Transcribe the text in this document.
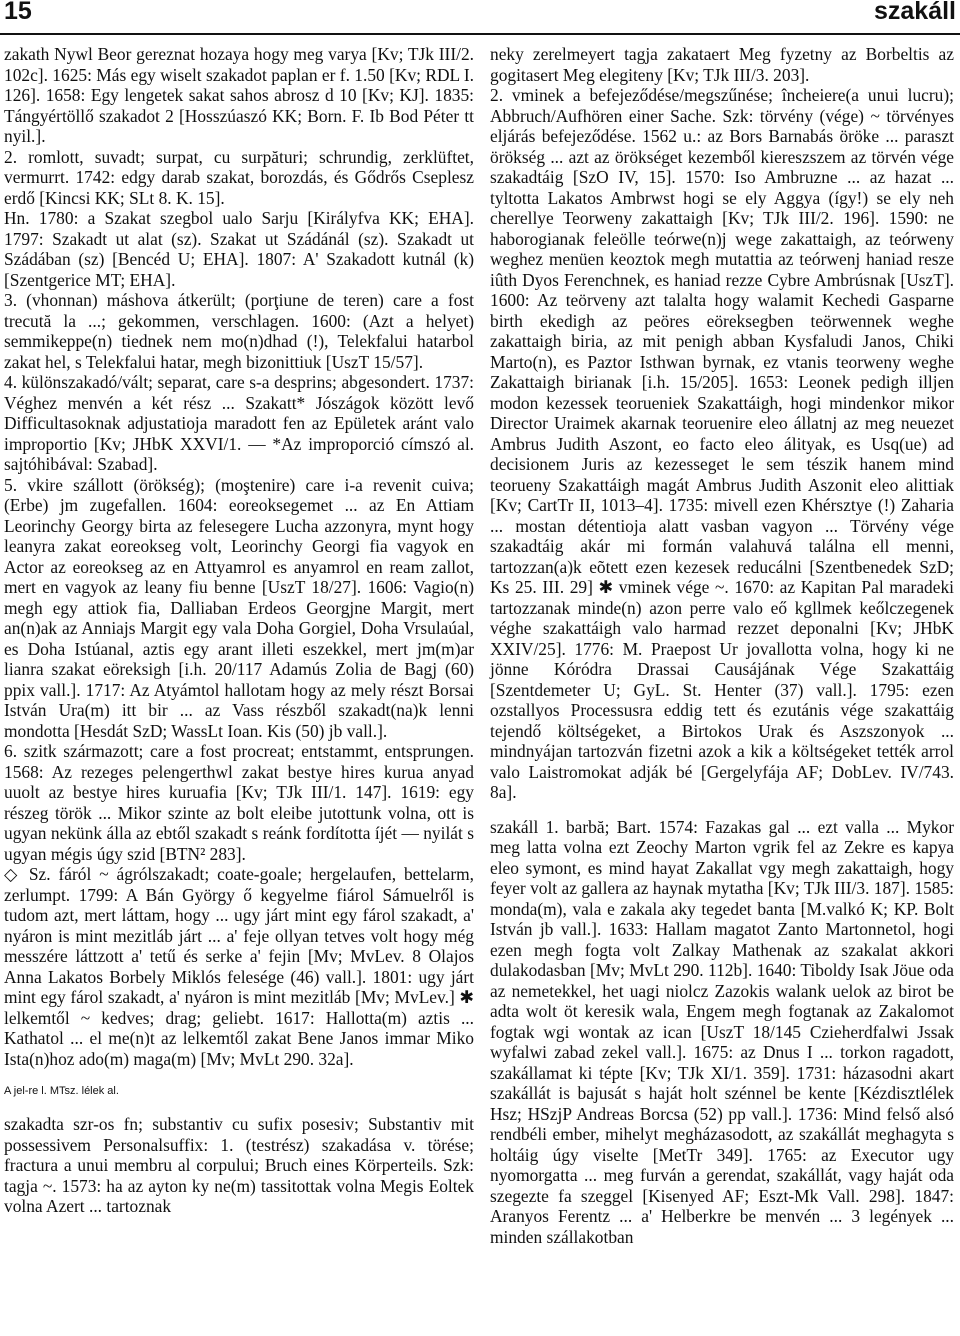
15	szakáll

zakath Nywl Beor gereznat hozaya hogy meg varya [Kv; TJk III/2. 102c]. 1625: Más egy wiselt szakadot paplan er f. 1.50 [Kv; RDL I. 126]. 1658: Egy lengetek sakat sahos abrosz d 10 [Kv; KJ]. 1835: Tángyértöllő szakadot 2 [Hosszúaszó KK; Born. F. Ib Bod Péter tt nyil.].

2. romlott, suvadt; surpat, cu surpături; schrundig, zerklüftet, vermurrt. 1742: edgy darab szakat, borozdás, és Gődrős Cseplesz erdő [Kincsi KK; SLt 8. K. 15].

Hn. 1780: a Szakat szegbol ualo Sarju [Királyfva KK; EHA]. 1797: Szakadt ut alat (sz). Szakat ut Szádánál (sz). Szakadt ut Szádában (sz) [Bencéd U; EHA]. 1807: A' Szakadott kutnál (k) [Szentgerice MT; EHA].

3. (vhonnan) máshova átkerült; (porţiune de teren) care a fost trecută la ...; gekommen, verschlagen. 1600: (Azt a helyet) semmikeppe(n) tiednek nem mo(n)dhad (!), Telekfalui hatarbol zakat hel, s Telekfalui hatar, megh bizonittiuk [UszT 15/57].

4. különszakadó/vált; separat, care s-a desprins; abgesondert. 1737: Véghez menvén a két rész ... Szakatt* Jószágok között levő Difficultasoknak adjustatioja maradott fen az Epületek aránt valo improportio [Kv; JHbK XXVI/1. — *Az improporció címszó al. sajtóhibával: Szabad].

5. vkire szállott (örökség); (moştenire) care i-a revenit cuiva; (Erbe) jm zugefallen. 1604: eoreoksegemet ... az En Attiam Leorinchy Georgy birta az felesegere Lucha azzonyra, mynt hogy leanyra zakat eoreokseg volt, Leorinchy Georgi fia vagyok en Actor az eoreokseg az en Attyamrol es anyamrol en ream zallot, mert en vagyok az leany fiu benne [UszT 18/27]. 1606: Vagio(n) megh egy attiok fia, Dalliaban Erdeos Georgjne Margit, mert an(n)ak az Anniajs Margit egy vala Doha Gorgiel, Doha Vrsulaúal, es Doha Istúanal, aztis egy arant illeti eszekkel, mert jm(m)ar lianra szakat eöreksigh [i.h. 20/117 Adamús Zolia de Bagj (60) ppix vall.]. 1717: Az Atyámtol hallotam hogy az mely részt Borsai István Ura(m) itt bir ... az Vass részből szakadt(na)k lenni mondotta [Hesdát SzD; WassLt Ioan. Kis (50) jb vall.].

6. szitk származott; care a fost procreat; entstammt, entsprungen. 1568: Az rezeges pelengerthwl zakat bestye hires kurua anyad uuolt az bestye hires kuruafia [Kv; TJk III/1. 147]. 1619: egy részeg török ... Mikor szinte az bolt eleibe jutottunk volna, ott is ugyan nekünk álla az ebtől szakadt s reánk fordította íjét — nyilát s ugyan mégis úgy szid [BTN² 283].

◇ Sz. fáról ~ ágrólszakadt; coate-goale; hergelaufen, bettelarm, zerlumpt. 1799: A Bán György ő kegyelme fiárol Sámuelről is tudom azt, mert láttam, hogy ... ugy járt mint egy fárol szakadt, a' nyáron is mint mezitláb járt ... a' feje ollyan tetves volt hogy még messzére láttzott a' tetű és serke a' fejin [Mv; MvLev. 8 Olajos Anna Lakatos Borbely Miklós felesége (46) vall.]. 1801: ugy járt mint egy fárol szakadt, a' nyáron is mint mezitláb [Mv; MvLev.] ✱ lelkemtől ~ kedves; drag; geliebt. 1617: Hallotta(m) aztis ... Kathatol ... el me(n)t az lelkemtől zakat Bene Janos immar Miko Ista(n)hoz ado(m) maga(m) [Mv; MvLt 290. 32a].

A jel-re l. MTsz. lélek al.

szakadta szr-os fn; substantiv cu sufix posesiv; Substantiv mit possessivem Personalsuffix: 1. (testrész) szakadása v. törése; fractura a unui membru al corpului; Bruch eines Körperteils. Szk: tagja ~. 1573: ha az ayton ky ne(m) tassitottak volna Megis Eoltek volna Azert ... tartoznak

neky zerelmeyert tagja zakataert Meg fyzetny az Borbeltis az gogitasert Meg elegiteny [Kv; TJk III/3. 203].

2. vminek a befejeződése/megszűnése; încheiere(a unui lucru); Abbruch/Aufhören einer Sache. Szk: törvény (vége) ~ törvényes eljárás befejeződése. 1562 u.: az Bors Barnabás öröke ... paraszt örökség ... azt az örökséget kezemből kiereszszem az törvén vége szakadtáig [SzO IV, 15]. 1570: Iso Ambruzne ... az hazat ... tyltotta Lakatos Ambrwst hogi se ely Aggya (így!) se ely neh cherellye Teorweny zakattaigh [Kv; TJk III/2. 196]. 1590: ne haborogianak feleölle teórwe(n)j wege zakattaigh, az teórweny weghez menüen keoztok megh mutattia az teórwenj haniad resze iûth Dyos Ferenchnek, es haniad rezze Cybre Ambrúsnak [UszT]. 1600: Az teörveny azt talalta hogy walamit Kechedi Gasparne birth ekedigh az peöres eöreksegben teörwennek weghe zakattaigh biria, az mit penigh abban Kysfaludi Janos, Chiki Marto(n), es Paztor Isthwan byrnak, ez vtanis teorweny weghe Zakattaigh birianak [i.h. 15/205]. 1653: Leonek pedigh illjen modon kezessek teorueniek Szakattáigh, hogi mindenkor mikor Director Uraimek akarnak teoruenire eleo állatnj az meg neuezet Ambrus Judith Aszont, eo facto eleo álityak, es Usq(ue) ad decisionem Juris az kezesseget le sem tészik hanem mind teorueny Szakattáigh magát Ambrus Judith Aszonit eleo alittiak [Kv; CartTr II, 1013–4]. 1735: mivell ezen Khérsztye (!) Zaharia ... mostan détentioja alatt vasban vagyon ... Törvény vége szakadtáig akár mi formán valahuvá találna ell menni, tartozzan(a)k eõtett ezen kezesek reducálni [Szentbenedek SzD; Ks 25. III. 29] ✱ vminek vége ~. 1670: az Kapitan Pal maradeki tartozzanak minde(n) azon perre valo eő kgllmek keőlczegenek véghe szakattáigh valo harmad rezzet deponalni [Kv; JHbK XXIV/25]. 1776: M. Praepost Ur jovallotta volna, hogy ki ne jönne Kóródra Drassai Causájának Vége Szakattáig [Szentdemeter U; GyL. St. Henter (37) vall.]. 1795: ezen ozstallyos Processusra eddig tett és ezutánis vége szakattáig tejendő költségeket, a Birtokos Urak és Aszszonyok ... mindnyájan tartozván fizetni azok a kik a költségeket tették arrol valo Laistromokat adják bé [Gergelyfája AF; DobLev. IV/743. 8a].

szakáll 1. barbă; Bart. 1574: Fazakas gal ... ezt valla ... Mykor meg latta volna ezt Zeochy Marton vgrik fel az Zekre es kapya eleo symont, es mind hayat Zakallat vgy megh zakattaigh, hogy feyer volt az gallera az haynak mytatha [Kv; TJk III/3. 187]. 1585: monda(m), vala e zakala aky tegedet banta [M.valkó K; KP. Bolt István jb vall.]. 1633: Hallam magatot Zanto Martonnetol, hogi ezen megh fogta volt Zalkay Mathenak az szakalat akkori dulakodasban [Mv; MvLt 290. 112b]. 1640: Tiboldy Isak Jöue oda az nemetekkel, het uagi niolcz Zazokis walank uelok az birot be adta wolt öt keresik wala, Engem megh fogtanak az Zakalomot fogtak wgi wontak az ican [UszT 18/145 Czieherdfalwi Jssak wyfalwi zabad zekel vall.]. 1675: az Dnus I ... torkon ragadott, szakállamat ki tépte [Kv; TJk XI/1. 359]. 1731: házasodni akart szakállát is bajusát s haját holt szénnel be kente [Kézdisztlélek Hsz; HSzjP Andreas Borcsa (52) pp vall.]. 1736: Mind felső alsó rendbéli ember, mihelyt megházasodott, az szakállát meghagyta s holtáig úgy viselte [MetTr 349]. 1765: az Executor ugy nyomorgatta ... meg furván a gerendat, szakállát, vagy haját oda szegezte fa szeggel [Kisenyed AF; Eszt-Mk Vall. 298]. 1847: Aranyos Ferentz ... a' Helberkre be menvén ... 3 legények ... minden szállakotban
